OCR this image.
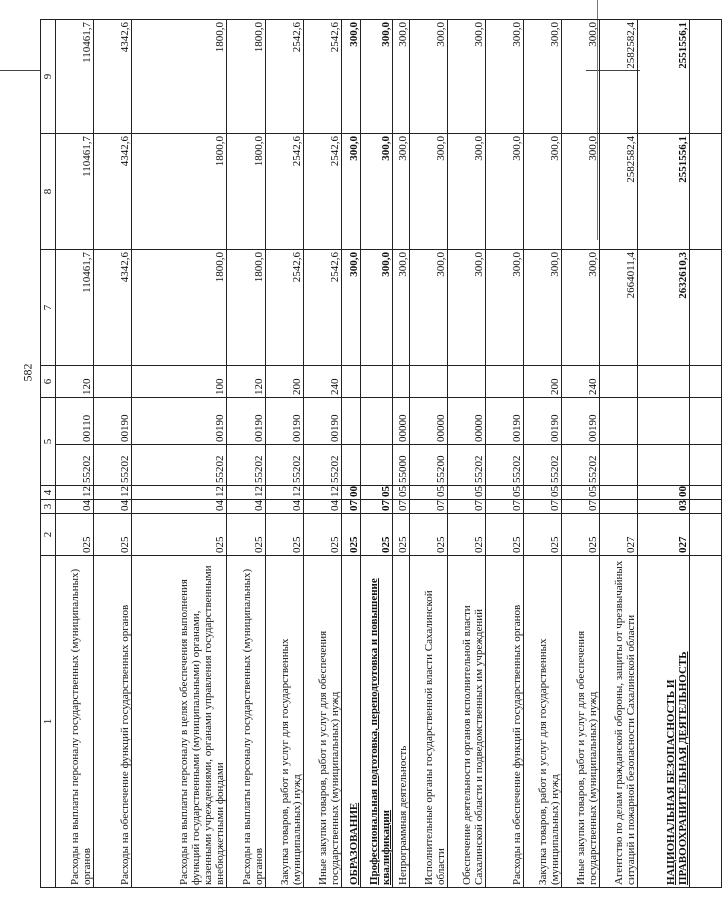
582
1	2	3	4	5		6	7	8	9
Расходы на выплаты персоналу государственных (муниципальных) органов	025	04	12	55202	00110	120	110461,7	110461,7	110461,7
Расходы на обеспечение функций государственных органов	025	04	12	55202	00190		4342,6	4342,6	4342,6
Расходы на выплаты персоналу в целях обеспечения выполнения функций государственными (муниципальными) органами, казенными учреждениями, органами управления государственными внебюджетными фондами	025	04	12	55202	00190	100	1800,0	1800,0	1800,0
Расходы на выплаты персоналу государственных (муниципальных) органов	025	04	12	55202	00190	120	1800,0	1800,0	1800,0
Закупка товаров, работ и услуг для государственных (муниципальных) нужд	025	04	12	55202	00190	200	2542,6	2542,6	2542,6
Иные закупки товаров, работ и услуг для обеспечения государственных (муниципальных) нужд	025	04	12	55202	00190	240	2542,6	2542,6	2542,6
ОБРАЗОВАНИЕ	025	07	00				300,0	300,0	300,0
Профессиональная подготовка, переподготовка и повышение квалификации	025	07	05				300,0	300,0	300,0
Непрограммная деятельность	025	07	05	55000	00000		300,0	300,0	300,0
Исполнительные органы государственной власти Сахалинской области	025	07	05	55200	00000		300,0	300,0	300,0
Обеспечение деятельности органов исполнительной власти Сахалинской области и подведомственных им учреждений	025	07	05	55202	00000		300,0	300,0	300,0
Расходы на обеспечение функций государственных органов	025	07	05	55202	00190		300,0	300,0	300,0
Закупка товаров, работ и услуг для государственных (муниципальных) нужд	025	07	05	55202	00190	200	300,0	300,0	300,0
Иные закупки товаров, работ и услуг для обеспечения государственных (муниципальных) нужд	025	07	05	55202	00190	240	300,0	300,0	300,0
Агентство по делам гражданской обороны, защиты от чрезвычайных ситуаций и пожарной безопасности Сахалинской области	027						2664011,4	2582582,4	2582582,4
НАЦИОНАЛЬНАЯ БЕЗОПАСНОСТЬ И ПРАВООХРАНИТЕЛЬНАЯ ДЕЯТЕЛЬНОСТЬ	027	03	00				2632610,3	2551556,1	2551556,1
